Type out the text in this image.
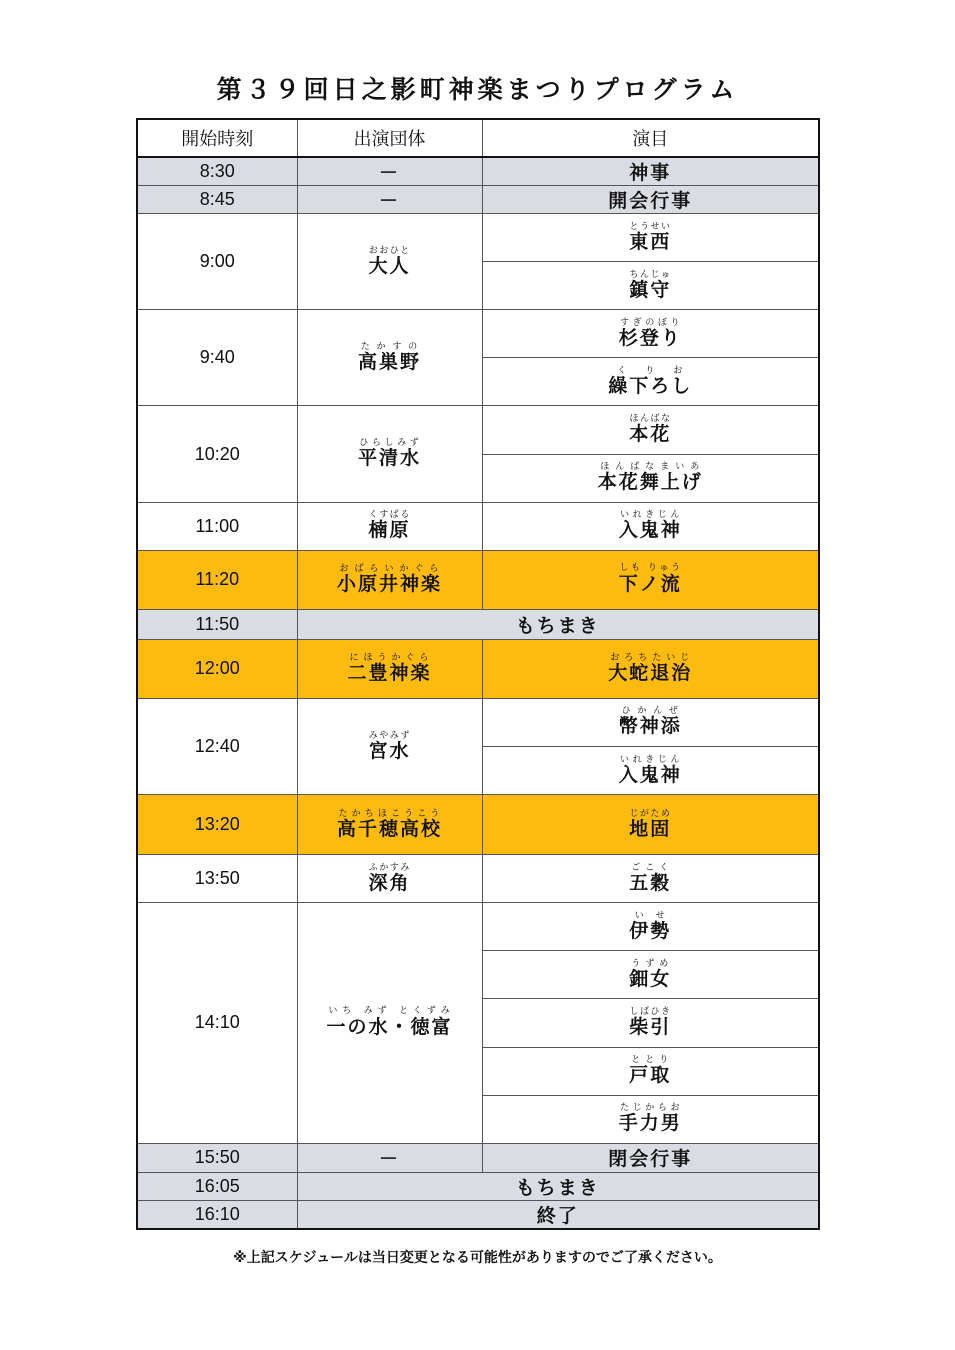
第３９回日之影町神楽まつりプログラム
開始時刻	出演団体	演目
8:30	－	神事
8:45	－	開会行事
9:00	大人おおひと	東西とうせい
		鎮守ちんじゅ
9:40	高巣野たかすの	杉登りすぎのぼり
		繰下ろしくりお
10:20	平清水ひらしみず	本花ほんばな
		本花舞上げほんばなまいあ
11:00	楠原くすばる	入鬼神いれきじん
11:20	小原井神楽おばらいかぐら	下ノ流しも りゅう
11:50	もちまき	
12:00	二豊神楽にほうかぐら	大蛇退治おろちたいじ
12:40	宮水みやみず	幣神添ひかんぜ
		入鬼神いれきじん
13:20	高千穂高校たかちほこうこう	地固じがため
13:50	深角ふかすみ	五穀ごこく
14:10	一の水・徳富いち みず とくずみ	伊勢いせ
		鈿女うずめ
		柴引しばひき
		戸取ととり
		手力男たじからお
15:50	－	閉会行事
16:05	もちまき	
16:10	終了	
※上記スケジュールは当日変更となる可能性がありますのでご了承ください。
